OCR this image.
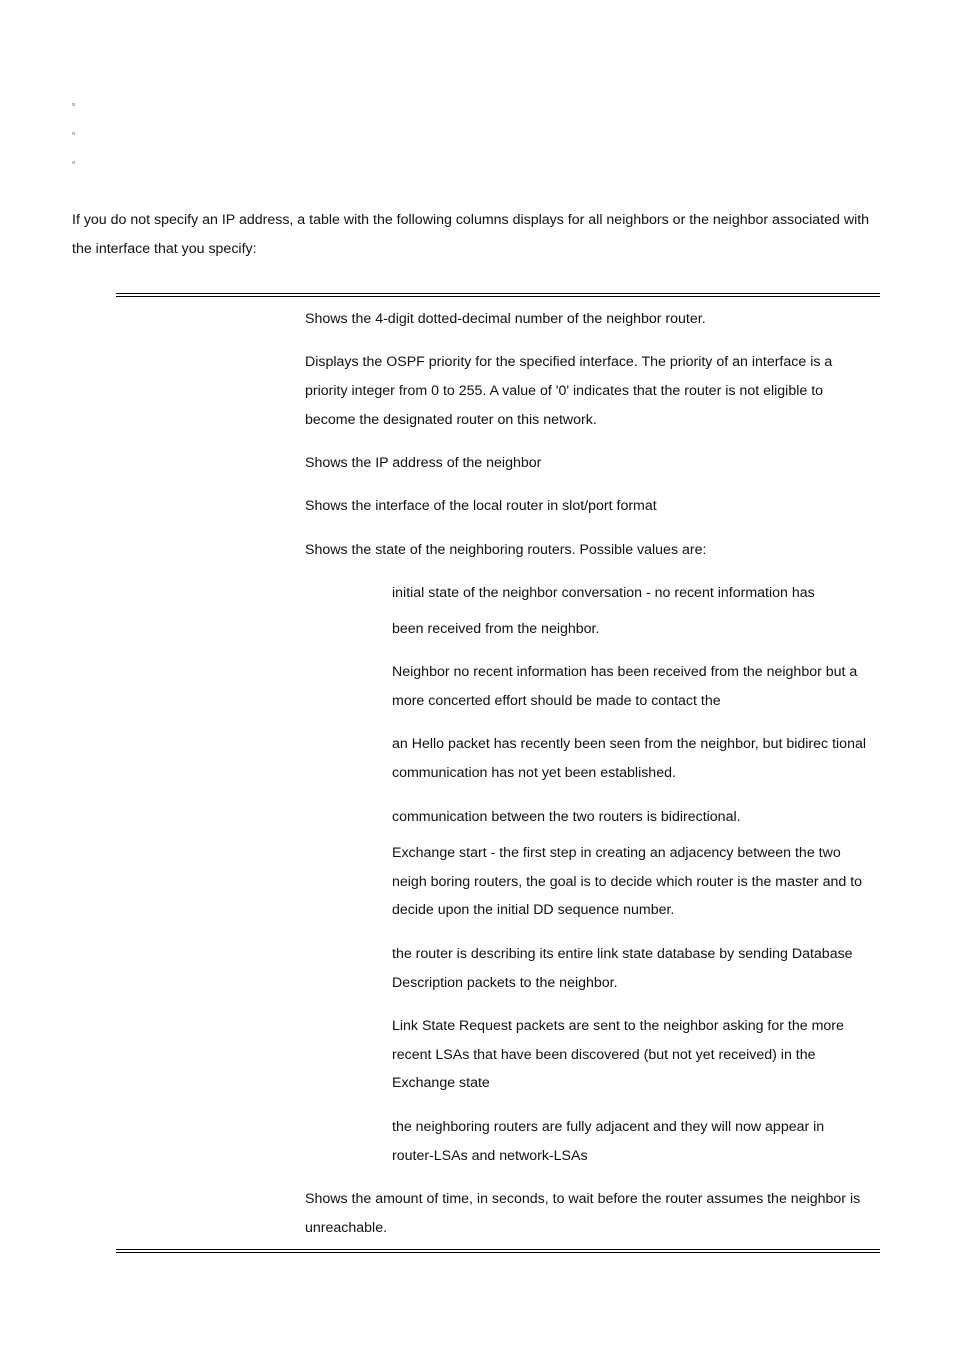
▫
▫
▫
If you do not specify an IP address, a table with the following columns displays for all neighbors or the neighbor associated with
the interface that you specify:
Shows the 4-digit dotted-decimal number of the neighbor router.
Displays the OSPF priority for the specified interface. The priority of an interface is a
priority integer from 0 to 255. A value of '0' indicates that the router is not eligible to
become the designated router on this network.
Shows the IP address of the neighbor
Shows the interface of the local router in slot/port format
Shows the state of the neighboring routers. Possible values are:
initial state of the neighbor conversation - no recent information has
been received from the neighbor.
Neighbor no recent information has been received from the neighbor but a
more concerted effort should be made to contact the
an Hello packet has recently been seen from the neighbor, but bidirec tional
communication has not yet been established.
communication between the two routers is bidirectional.
Exchange start - the first step in creating an adjacency between the two
neigh boring routers, the goal is to decide which router is the master and to
decide upon the initial DD sequence number.
the router is describing its entire link state database by sending Database
Description packets to the neighbor.
Link State Request packets are sent to the neighbor asking for the more
recent LSAs that have been discovered (but not yet received) in the
Exchange state
the neighboring routers are fully adjacent and they will now appear in
router-LSAs and network-LSAs
Shows the amount of time, in seconds, to wait before the router assumes the neighbor is
unreachable.
